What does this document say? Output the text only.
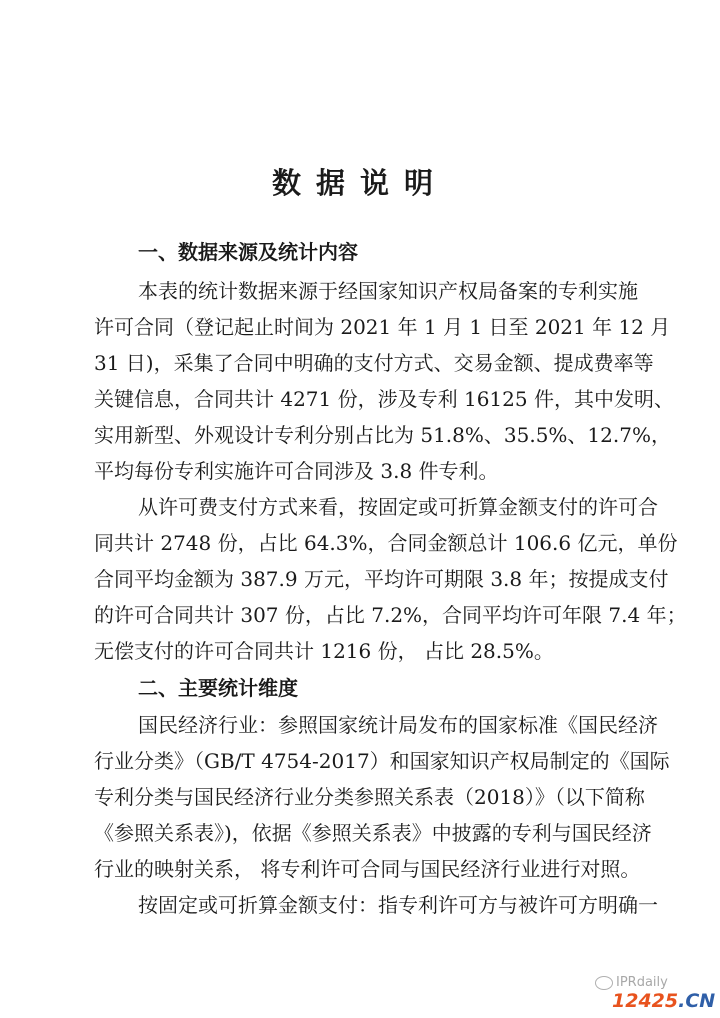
数据说明
一、数据来源及统计内容
本表的统计数据来源于经国家知识产权局备案的专利实施
许可合同（登记起止时间为 2021 年 1 月 1 日至 2021 年 12 月
31 日)，采集了合同中明确的支付方式、交易金额、提成费率等
关键信息，合同共计 4271 份，涉及专利 16125 件，其中发明、
实用新型、外观设计专利分别占比为 51.8%、35.5%、12.7%，
平均每份专利实施许可合同涉及 3.8 件专利。
从许可费支付方式来看，按固定或可折算金额支付的许可合
同共计 2748 份，占比 64.3%，合同金额总计 106.6 亿元，单份
合同平均金额为 387.9 万元，平均许可期限 3.8 年；按提成支付
的许可合同共计 307 份，占比 7.2%，合同平均许可年限 7.4 年；
无偿支付的许可合同共计 1216 份， 占比 28.5%。
二、主要统计维度
国民经济行业：参照国家统计局发布的国家标准《国民经济
行业分类》（GB/T 4754-2017）和国家知识产权局制定的《国际
专利分类与国民经济行业分类参照关系表（2018）》（以下简称
《参照关系表》)，依据《参照关系表》中披露的专利与国民经济
行业的映射关系， 将专利许可合同与国民经济行业进行对照。
按固定或可折算金额支付：指专利许可方与被许可方明确一
IPRdaily
12425.CN
